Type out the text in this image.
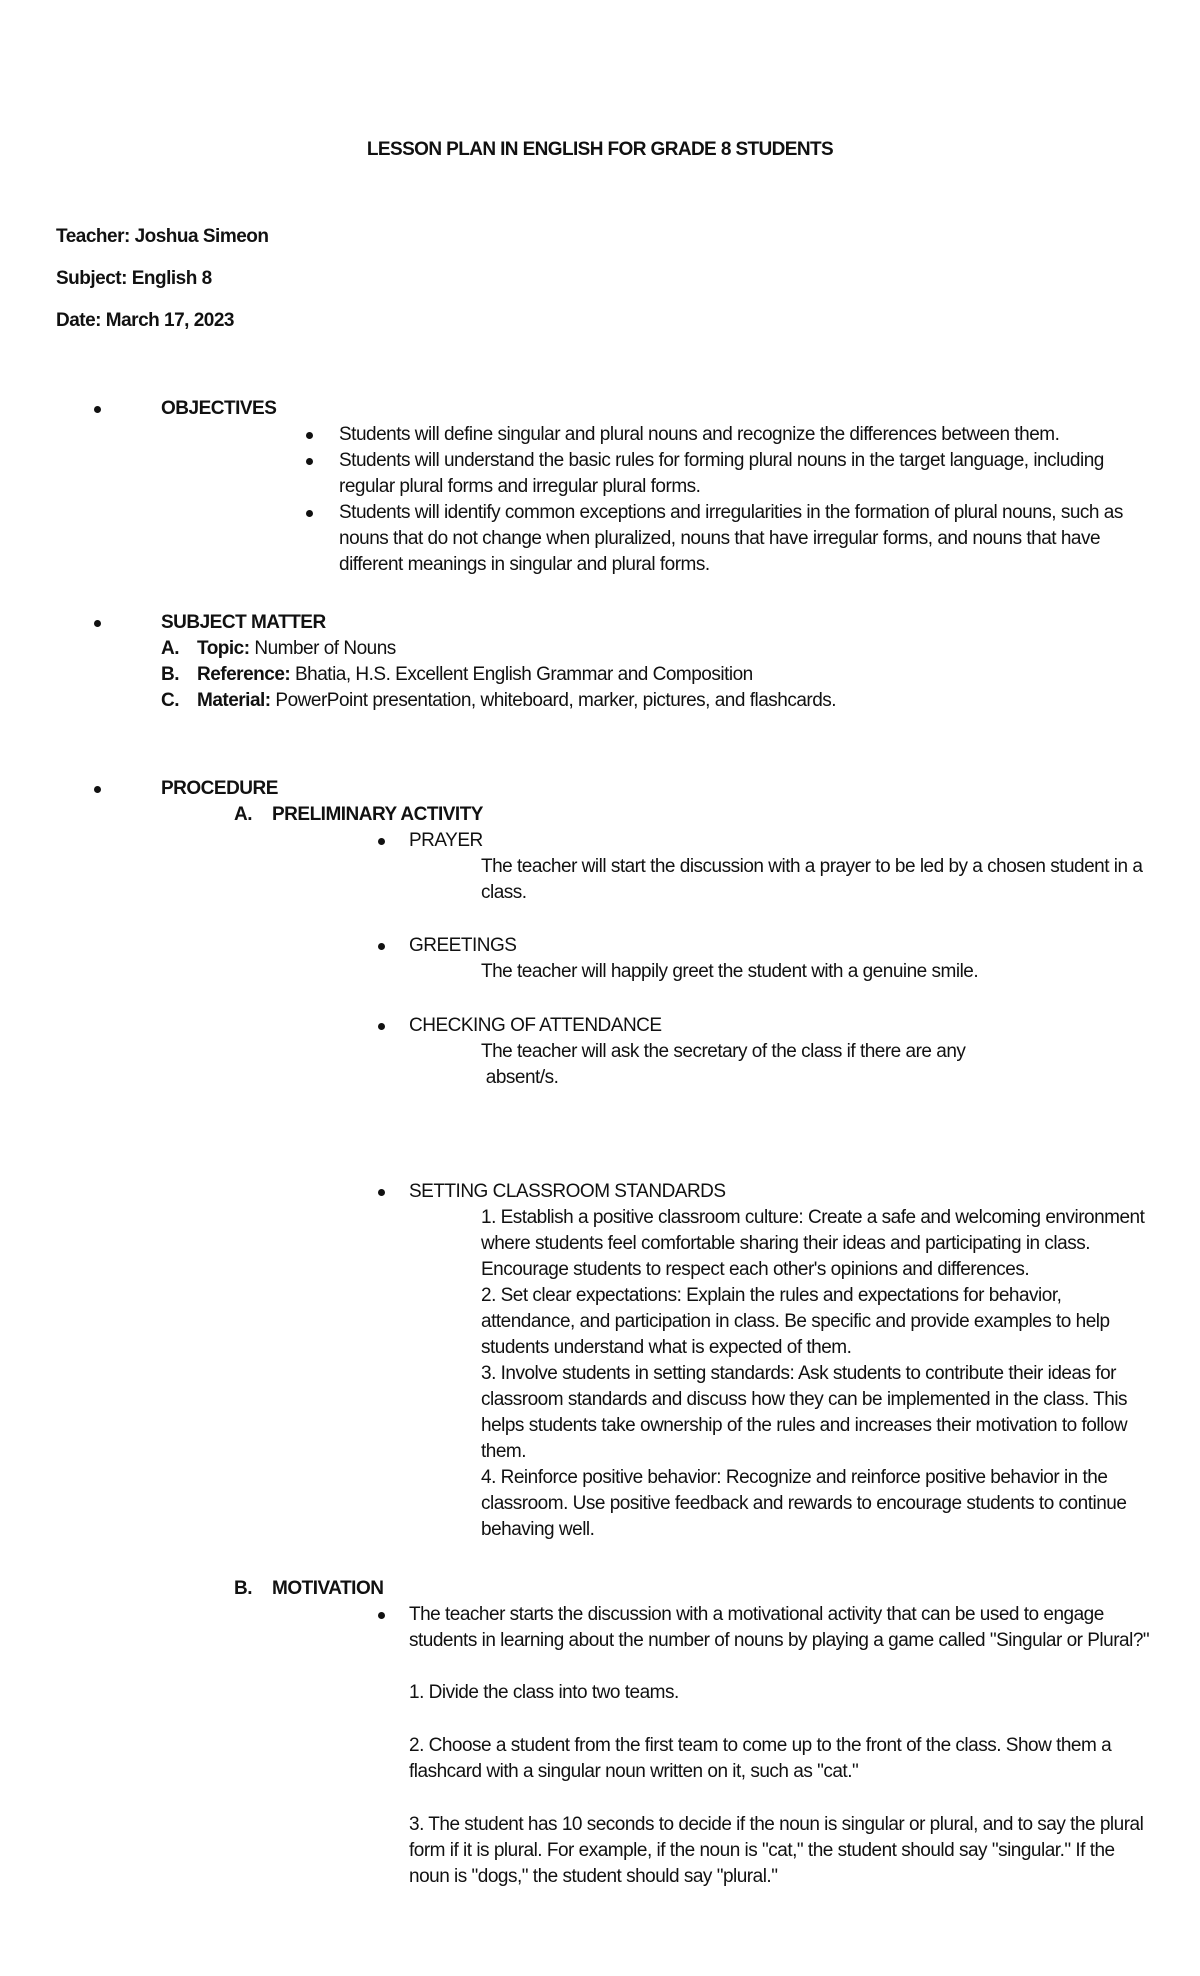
LESSON PLAN IN ENGLISH FOR GRADE 8 STUDENTS
Teacher: Joshua Simeon
Subject: English 8
Date: March 17, 2023
OBJECTIVES
Students will define singular and plural nouns and recognize the differences between them.
Students will understand the basic rules for forming plural nouns in the target language, including
regular plural forms and irregular plural forms.
Students will identify common exceptions and irregularities in the formation of plural nouns, such as
nouns that do not change when pluralized, nouns that have irregular forms, and nouns that have
different meanings in singular and plural forms.
SUBJECT MATTER
A. Topic: Number of Nouns
B. Reference: Bhatia, H.S. Excellent English Grammar and Composition
C. Material: PowerPoint presentation, whiteboard, marker, pictures, and flashcards.
PROCEDURE
A. PRELIMINARY ACTIVITY
PRAYER
The teacher will start the discussion with a prayer to be led by a chosen student in a
class.
GREETINGS
The teacher will happily greet the student with a genuine smile.
CHECKING OF ATTENDANCE
The teacher will ask the secretary of the class if there are any
absent/s.
SETTING CLASSROOM STANDARDS
1. Establish a positive classroom culture: Create a safe and welcoming environment
where students feel comfortable sharing their ideas and participating in class.
Encourage students to respect each other's opinions and differences.
2. Set clear expectations: Explain the rules and expectations for behavior,
attendance, and participation in class. Be specific and provide examples to help
students understand what is expected of them.
3. Involve students in setting standards: Ask students to contribute their ideas for
classroom standards and discuss how they can be implemented in the class. This
helps students take ownership of the rules and increases their motivation to follow
them.
4. Reinforce positive behavior: Recognize and reinforce positive behavior in the
classroom. Use positive feedback and rewards to encourage students to continue
behaving well.
B. MOTIVATION
The teacher starts the discussion with a motivational activity that can be used to engage
students in learning about the number of nouns by playing a game called "Singular or Plural?"
1. Divide the class into two teams.
2. Choose a student from the first team to come up to the front of the class. Show them a
flashcard with a singular noun written on it, such as "cat."
3. The student has 10 seconds to decide if the noun is singular or plural, and to say the plural
form if it is plural. For example, if the noun is "cat," the student should say "singular." If the
noun is "dogs," the student should say "plural."
